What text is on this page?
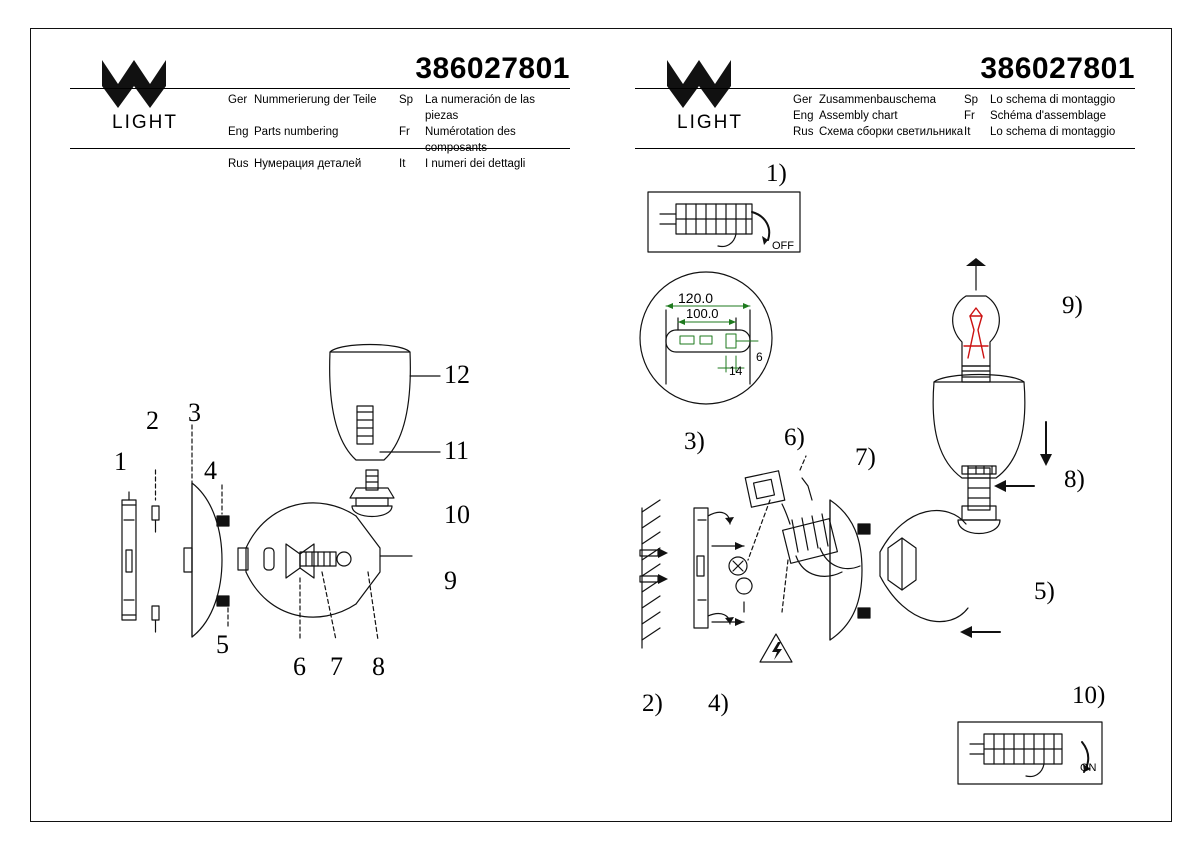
LIGHT
386027801
Ger Nummerierung der Teile	Sp	La numeración de las piezas
Eng Parts numbering	Fr	Numérotation des composants
Rus Нумерация деталей	It	I numeri dei dettagli
LIGHT
386027801
Ger Zusammenbauschema	Sp	Lo schema di montaggio
Eng Assembly chart	Fr	Schéma d'assemblage
Rus Схема сборки светильника It	Lo schema di montaggio
1
2 3
4
5
6 7 8
9
10
11
12
1)
2)
3)
4)
5)
6)
7)
8)
9)
10)
OFF
ON
120.0
100.0
6
14
